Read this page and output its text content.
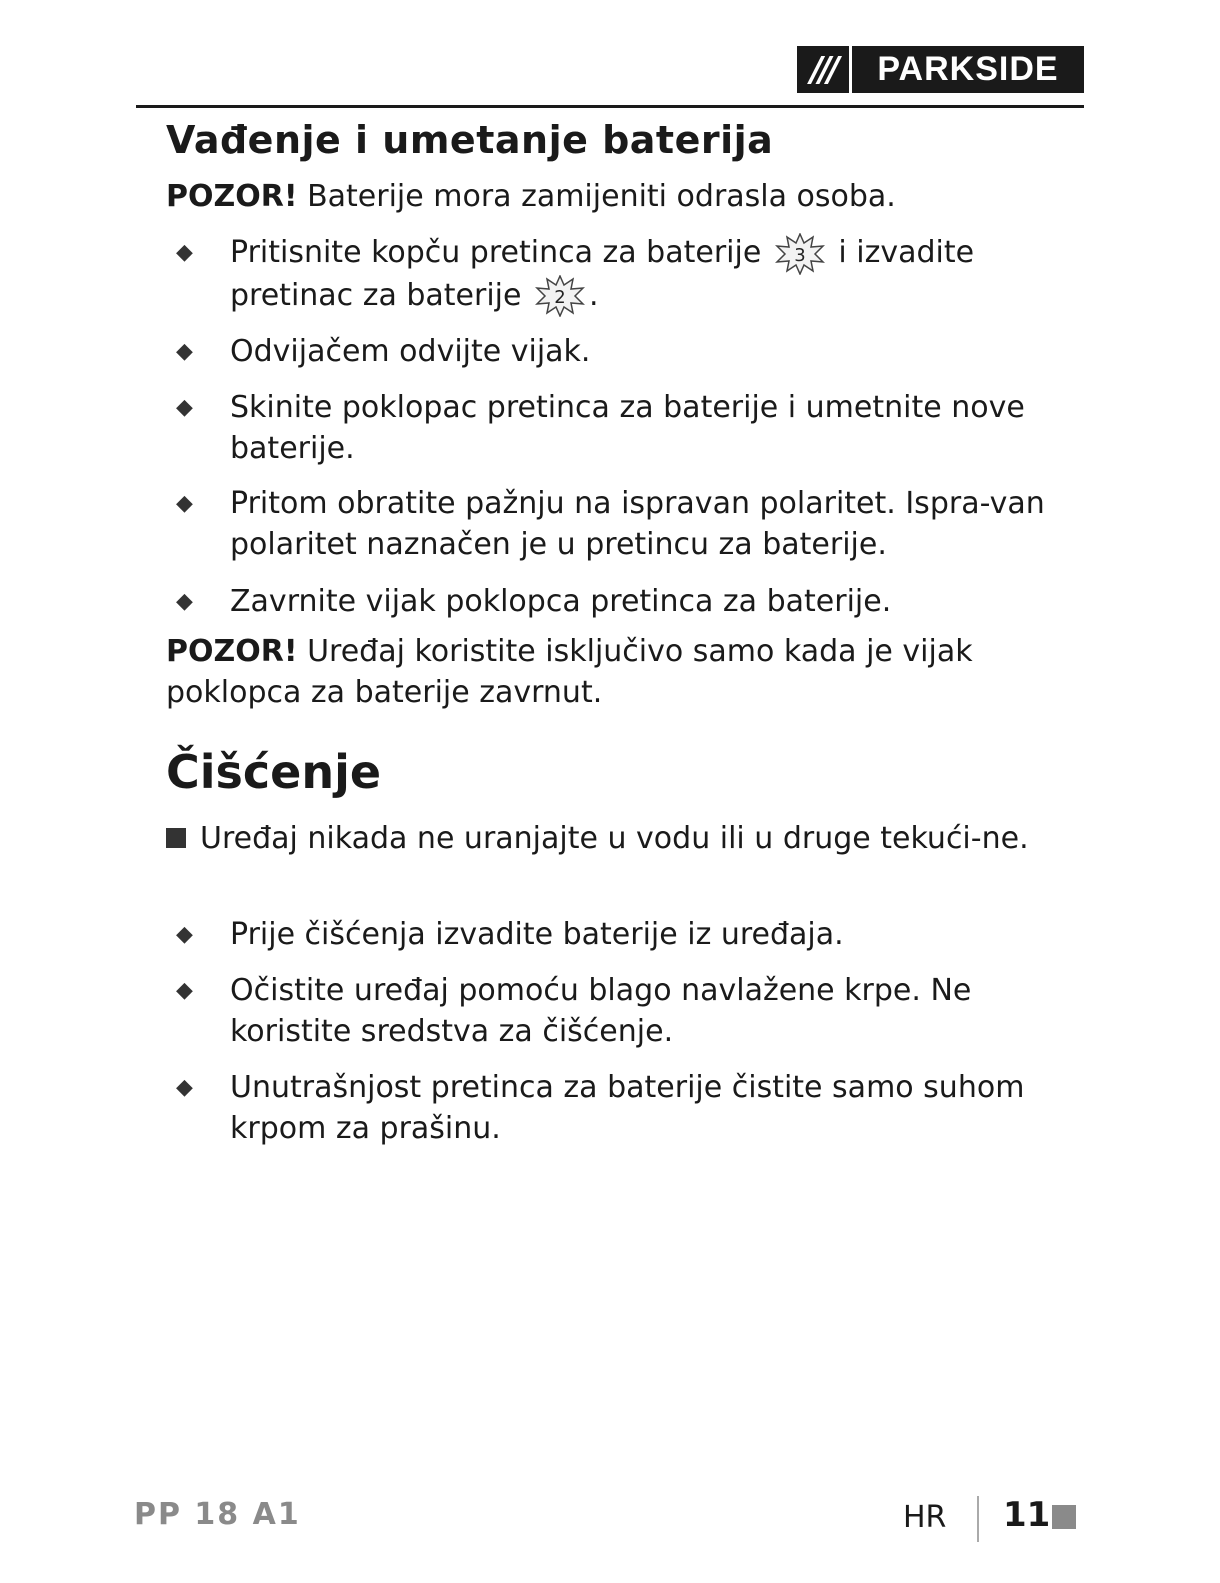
///	PARKSIDE
Vađenje i umetanje baterija

POZOR! Baterije mora zamijeniti odrasla osoba.

◆	Pritisnite kopču pretinca za baterije 3 i izvadite pretinac za baterije 2 .
◆	Odvijačem odvijte vijak.
◆	Skinite poklopac pretinca za baterije i umetnite nove baterije.
◆	Pritom obratite pažnju na ispravan polaritet. Ispra-van polaritet naznačen je u pretincu za baterije.
◆	Zavrnite vijak poklopca pretinca za baterije.

POZOR! Uređaj koristite isključivo samo kada je vijak poklopca za baterije zavrnut.

Čišćenje
Uređaj nikada ne uranjajte u vodu ili u druge tekući-ne.
◆	Prije čišćenja izvadite baterije iz uređaja.
◆	Očistite uređaj pomoću blago navlažene krpe. Ne koristite sredstva za čišćenje.
◆	Unutrašnjost pretinca za baterije čistite samo suhom krpom za prašinu.
PP 18 A1	HR 11
